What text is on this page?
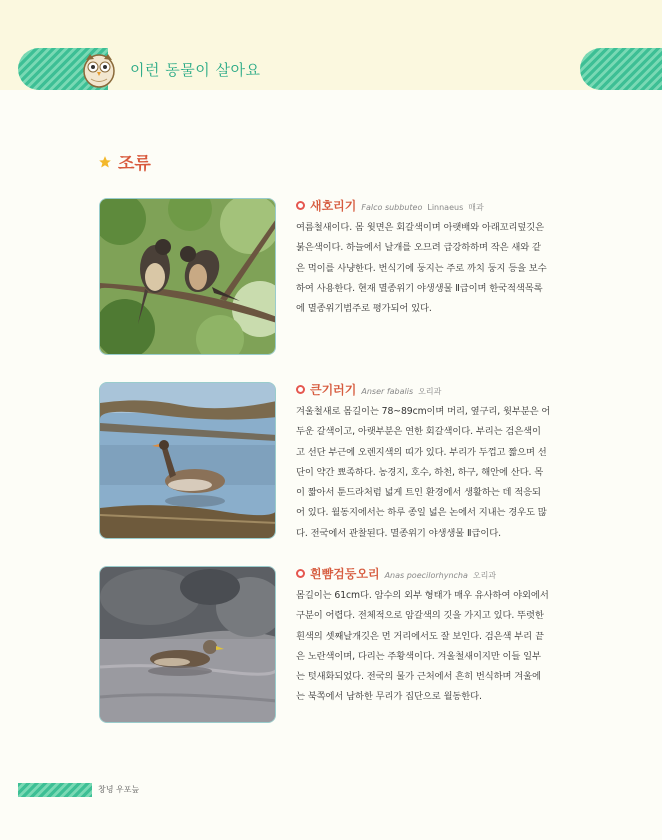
이런 동물이 살아요
조류
새호리기 Falco subbuteo Linnaeus 매과
여름철새이다. 몸 윗면은 회갈색이며 아랫배와 아래꼬리덮깃은
붉은색이다. 하늘에서 날개를 오므려 급강하하며 작은 새와 같
은 먹이를 사냥한다. 번식기에 둥지는 주로 까치 둥지 등을 보수
하여 사용한다. 현재 멸종위기 야생생물 Ⅱ급이며 한국적색목록
에 멸종위기범주로 평가되어 있다.
큰기러기 Anser fabalis 오리과
겨울철새로 몸길이는 78~89cm이며 머리, 옆구리, 윗부분은 어
두운 갈색이고, 아랫부분은 연한 회갈색이다. 부리는 검은색이
고 선단 부근에 오렌지색의 띠가 있다. 부리가 두껍고 짧으며 선
단이 약간 뾰족하다. 농경지, 호수, 하천, 하구, 해안에 산다. 목
이 짧아서 툰드라처럼 넓게 트인 환경에서 생활하는 데 적응되
어 있다. 월동지에서는 하루 종일 넓은 논에서 지내는 경우도 많
다. 전국에서 관찰된다. 멸종위기 야생생물 Ⅱ급이다.
흰뺨검둥오리 Anas poecilorhyncha 오리과
몸길이는 61cm다. 암수의 외부 형태가 매우 유사하여 야외에서
구분이 어렵다. 전체적으로 암갈색의 깃을 가지고 있다. 뚜렷한
흰색의 셋째날개깃은 먼 거리에서도 잘 보인다. 검은색 부리 끝
은 노란색이며, 다리는 주황색이다. 겨울철새이지만 이들 일부
는 텃새화되었다. 전국의 물가 근처에서 흔히 번식하며 겨울에
는 북쪽에서 남하한 무리가 집단으로 월동한다.
창녕 우포늪
